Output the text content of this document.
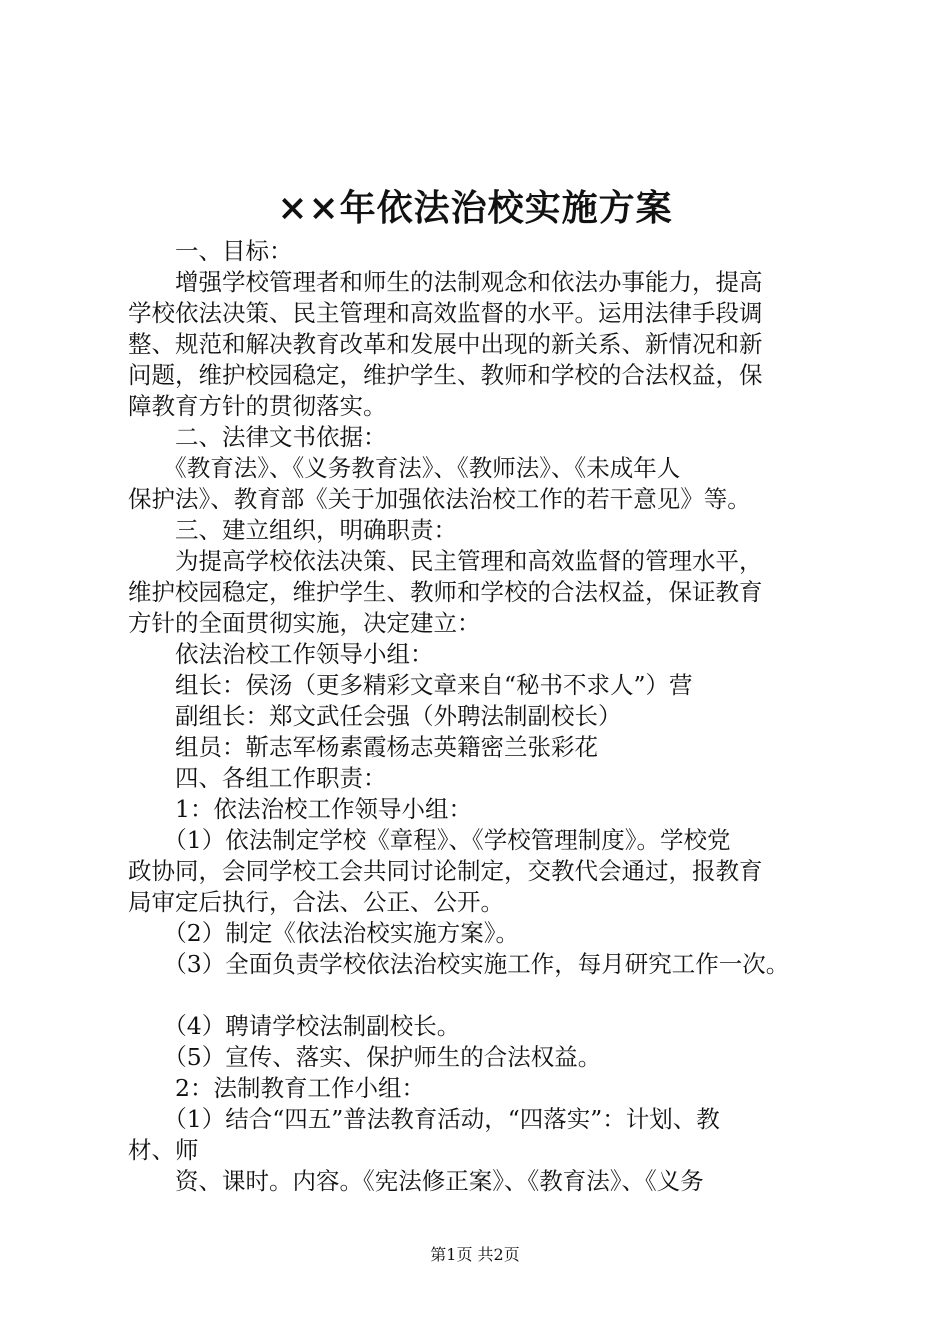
××年依法治校实施方案
　　一、目标：
　　增强学校管理者和师生的法制观念和依法办事能力，提高
学校依法决策、民主管理和高效监督的水平。运用法律手段调
整、规范和解决教育改革和发展中出现的新关系、新情况和新
问题，维护校园稳定，维护学生、教师和学校的合法权益，保
障教育方针的贯彻落实。
　　二、法律文书依据：
　　《教育法》、《义务教育法》、《教师法》、《未成年人
保护法》、教育部《关于加强依法治校工作的若干意见》等。
　　三、建立组织，明确职责：
　　为提高学校依法决策、民主管理和高效监督的管理水平，
维护校园稳定，维护学生、教师和学校的合法权益，保证教育
方针的全面贯彻实施，决定建立：
　　依法治校工作领导小组：
　　组长：侯汤（更多精彩文章来自“秘书不求人”）营
　　副组长：郑文武任会强（外聘法制副校长）
　　组员：靳志军杨素霞杨志英籍密兰张彩花
　　四、各组工作职责：
　　1：依法治校工作领导小组：
　　（1）依法制定学校《章程》、《学校管理制度》。学校党
政协同，会同学校工会共同讨论制定，交教代会通过，报教育
局审定后执行，合法、公正、公开。
　　（2）制定《依法治校实施方案》。
　　（3）全面负责学校依法治校实施工作，每月研究工作一次。
　　（4）聘请学校法制副校长。
　　（5）宣传、落实、保护师生的合法权益。
　　2：法制教育工作小组：
　　（1）结合“四五”普法教育活动，“四落实”：计划、教
材、师
　　资、课时。内容。《宪法修正案》、《教育法》、《义务
第1页 共2页
